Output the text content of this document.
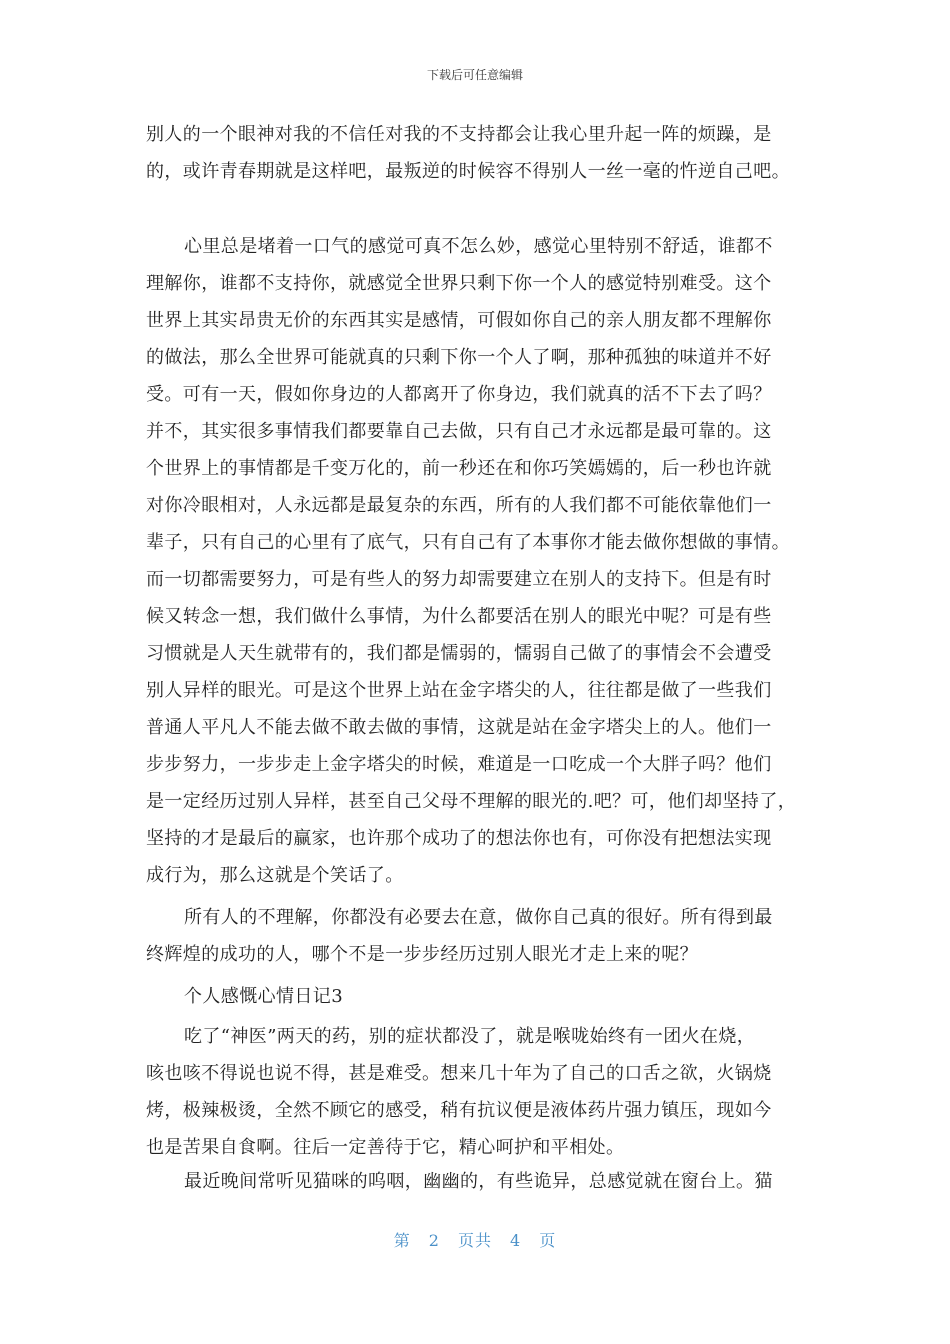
下载后可任意编辑
别人的一个眼神对我的不信任对我的不支持都会让我心里升起一阵的烦躁，是
的，或许青春期就是这样吧，最叛逆的时候容不得别人一丝一毫的忤逆自己吧。
心里总是堵着一口气的感觉可真不怎么妙，感觉心里特别不舒适，谁都不
理解你，谁都不支持你，就感觉全世界只剩下你一个人的感觉特别难受。这个
世界上其实昂贵无价的东西其实是感情，可假如你自己的亲人朋友都不理解你
的做法，那么全世界可能就真的只剩下你一个人了啊，那种孤独的味道并不好
受。可有一天，假如你身边的人都离开了你身边，我们就真的活不下去了吗？
并不，其实很多事情我们都要靠自己去做，只有自己才永远都是最可靠的。这
个世界上的事情都是千变万化的，前一秒还在和你巧笑嫣嫣的，后一秒也许就
对你冷眼相对，人永远都是最复杂的东西，所有的人我们都不可能依靠他们一
辈子，只有自己的心里有了底气，只有自己有了本事你才能去做你想做的事情。
而一切都需要努力，可是有些人的努力却需要建立在别人的支持下。但是有时
候又转念一想，我们做什么事情，为什么都要活在别人的眼光中呢？可是有些
习惯就是人天生就带有的，我们都是懦弱的，懦弱自己做了的事情会不会遭受
别人异样的眼光。可是这个世界上站在金字塔尖的人，往往都是做了一些我们
普通人平凡人不能去做不敢去做的事情，这就是站在金字塔尖上的人。他们一
步步努力，一步步走上金字塔尖的时候，难道是一口吃成一个大胖子吗？他们
是一定经历过别人异样，甚至自己父母不理解的眼光的.吧？可，他们却坚持了，
坚持的才是最后的赢家，也许那个成功了的想法你也有，可你没有把想法实现
成行为，那么这就是个笑话了。
所有人的不理解，你都没有必要去在意，做你自己真的很好。所有得到最
终辉煌的成功的人，哪个不是一步步经历过别人眼光才走上来的呢？
个人感慨心情日记3
吃了“神医”两天的药，别的症状都没了，就是喉咙始终有一团火在烧，
咳也咳不得说也说不得，甚是难受。想来几十年为了自己的口舌之欲，火锅烧
烤，极辣极烫，全然不顾它的感受，稍有抗议便是液体药片强力镇压，现如今
也是苦果自食啊。往后一定善待于它，精心呵护和平相处。
最近晚间常听见猫咪的呜咽，幽幽的，有些诡异，总感觉就在窗台上。猫
第 2 页共 4 页
